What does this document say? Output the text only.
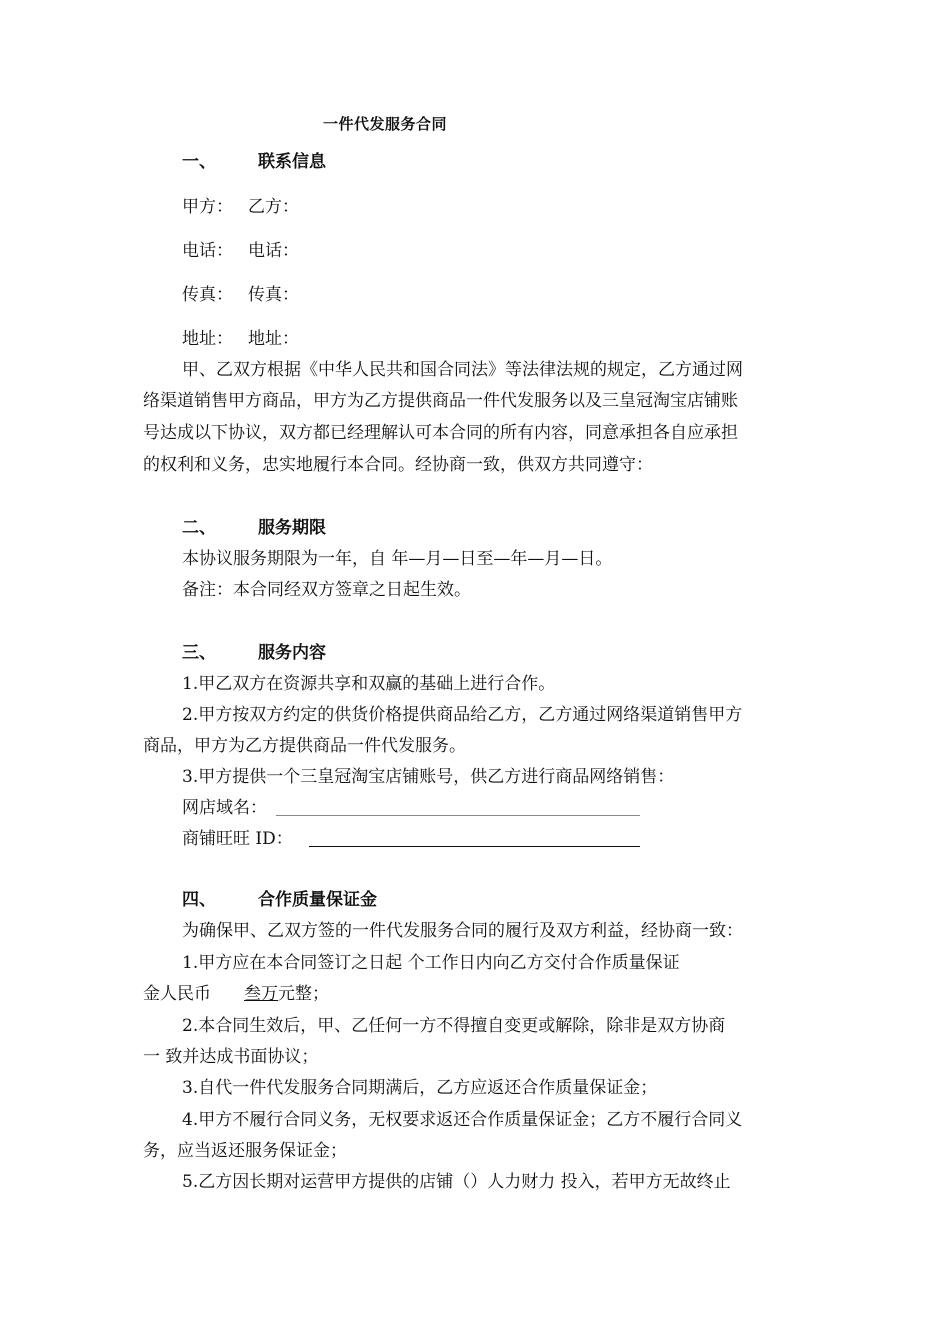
一件代发服务合同
一、 联系信息
甲方： 乙方：
电话： 电话：
传真： 传真：
地址： 地址：
甲、乙双方根据《中华人民共和国合同法》等法律法规的规定，乙方通过网
络渠道销售甲方商品，甲方为乙方提供商品一件代发服务以及三皇冠淘宝店铺账
号达成以下协议，双方都已经理解认可本合同的所有内容，同意承担各自应承担
的权利和义务，忠实地履行本合同。经协商一致，供双方共同遵守：
二、 服务期限
本协议服务期限为一年，自 年—月—日至—年—月—日。
备注：本合同经双方签章之日起生效。
三、 服务内容
1.甲乙双方在资源共享和双赢的基础上进行合作。
2.甲方按双方约定的供货价格提供商品给乙方，乙方通过网络渠道销售甲方
商品，甲方为乙方提供商品一件代发服务。
3.甲方提供一个三皇冠淘宝店铺账号，供乙方进行商品网络销售：
网店域名：
商铺旺旺 ID：
四、 合作质量保证金
为确保甲、乙双方签的一件代发服务合同的履行及双方利益，经协商一致：
1.甲方应在本合同签订之日起 个工作日内向乙方交付合作质量保证
金人民币 叁万元整；
2.本合同生效后，甲、乙任何一方不得擅自变更或解除，除非是双方协商
一 致并达成书面协议；
3.自代一件代发服务合同期满后，乙方应返还合作质量保证金；
4.甲方不履行合同义务，无权要求返还合作质量保证金；乙方不履行合同义
务，应当返还服务保证金；
5.乙方因长期对运营甲方提供的店铺（）人力财力 投入，若甲方无故终止
